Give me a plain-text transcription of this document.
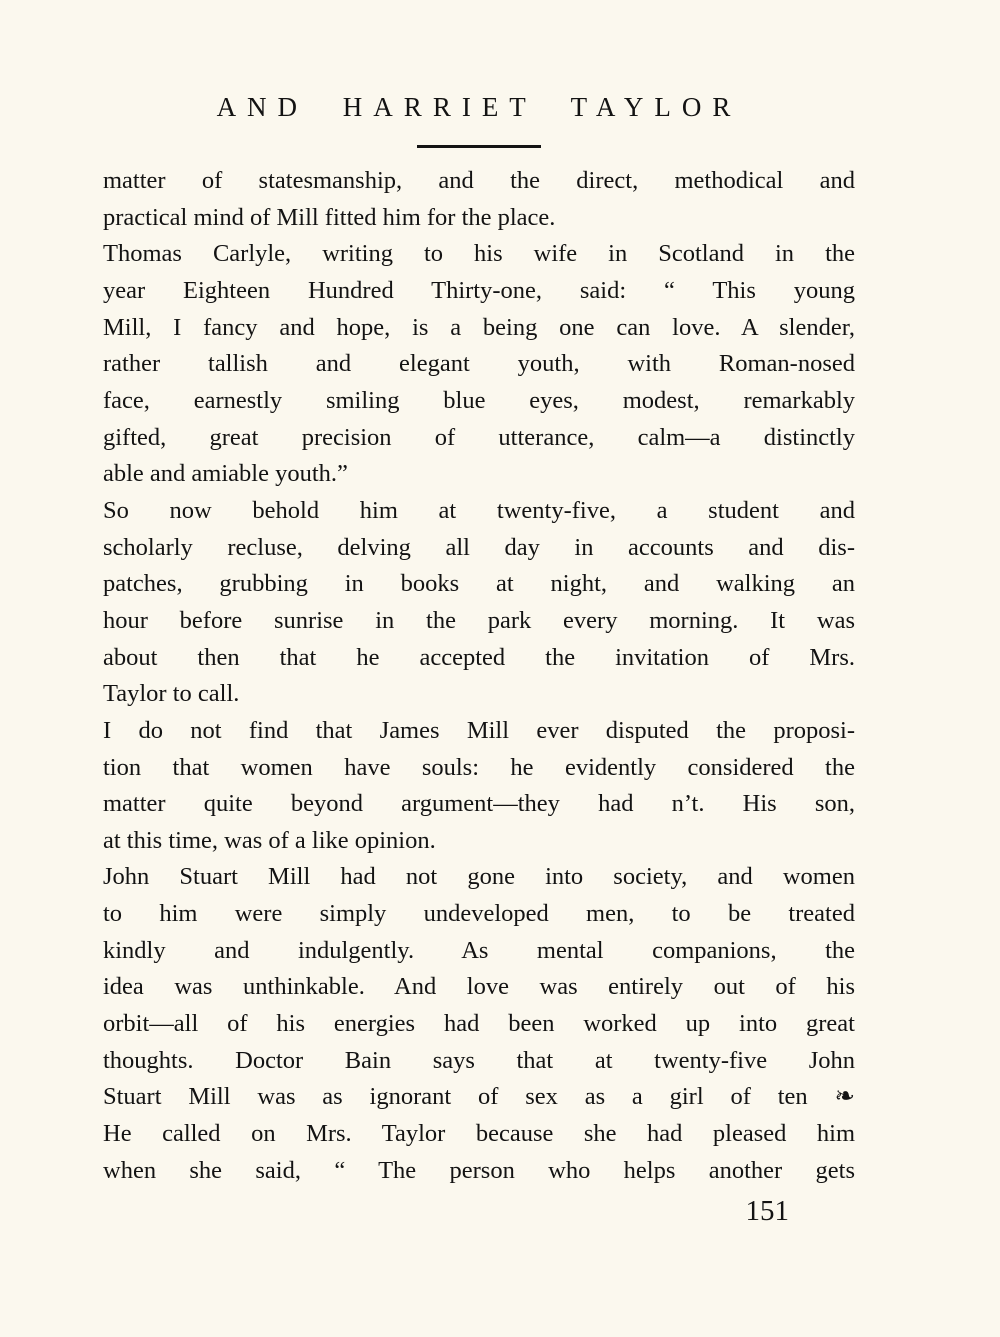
AND HARRIET TAYLOR

matter of statesmanship, and the direct, methodical and
practical mind of Mill fitted him for the place.

Thomas Carlyle, writing to his wife in Scotland in the
year Eighteen Hundred Thirty-one, said: “ This young
Mill, I fancy and hope, is a being one can love. A slender,
rather tallish and elegant youth, with Roman-nosed
face, earnestly smiling blue eyes, modest, remarkably
gifted, great precision of utterance, calm—a distinctly
able and amiable youth.”

So now behold him at twenty-five, a student and
scholarly recluse, delving all day in accounts and dis-
patches, grubbing in books at night, and walking an
hour before sunrise in the park every morning. It was
about then that he accepted the invitation of Mrs.
Taylor to call.

I do not find that James Mill ever disputed the proposi-
tion that women have souls: he evidently considered the
matter quite beyond argument—they had n’t. His son,
at this time, was of a like opinion.

John Stuart Mill had not gone into society, and women
to him were simply undeveloped men, to be treated
kindly and indulgently. As mental companions, the
idea was unthinkable. And love was entirely out of his
orbit—all of his energies had been worked up into great
thoughts. Doctor Bain says that at twenty-five John
Stuart Mill was as ignorant of sex as a girl of ten ❧
He called on Mrs. Taylor because she had pleased him
when she said, “ The person who helps another gets

151
